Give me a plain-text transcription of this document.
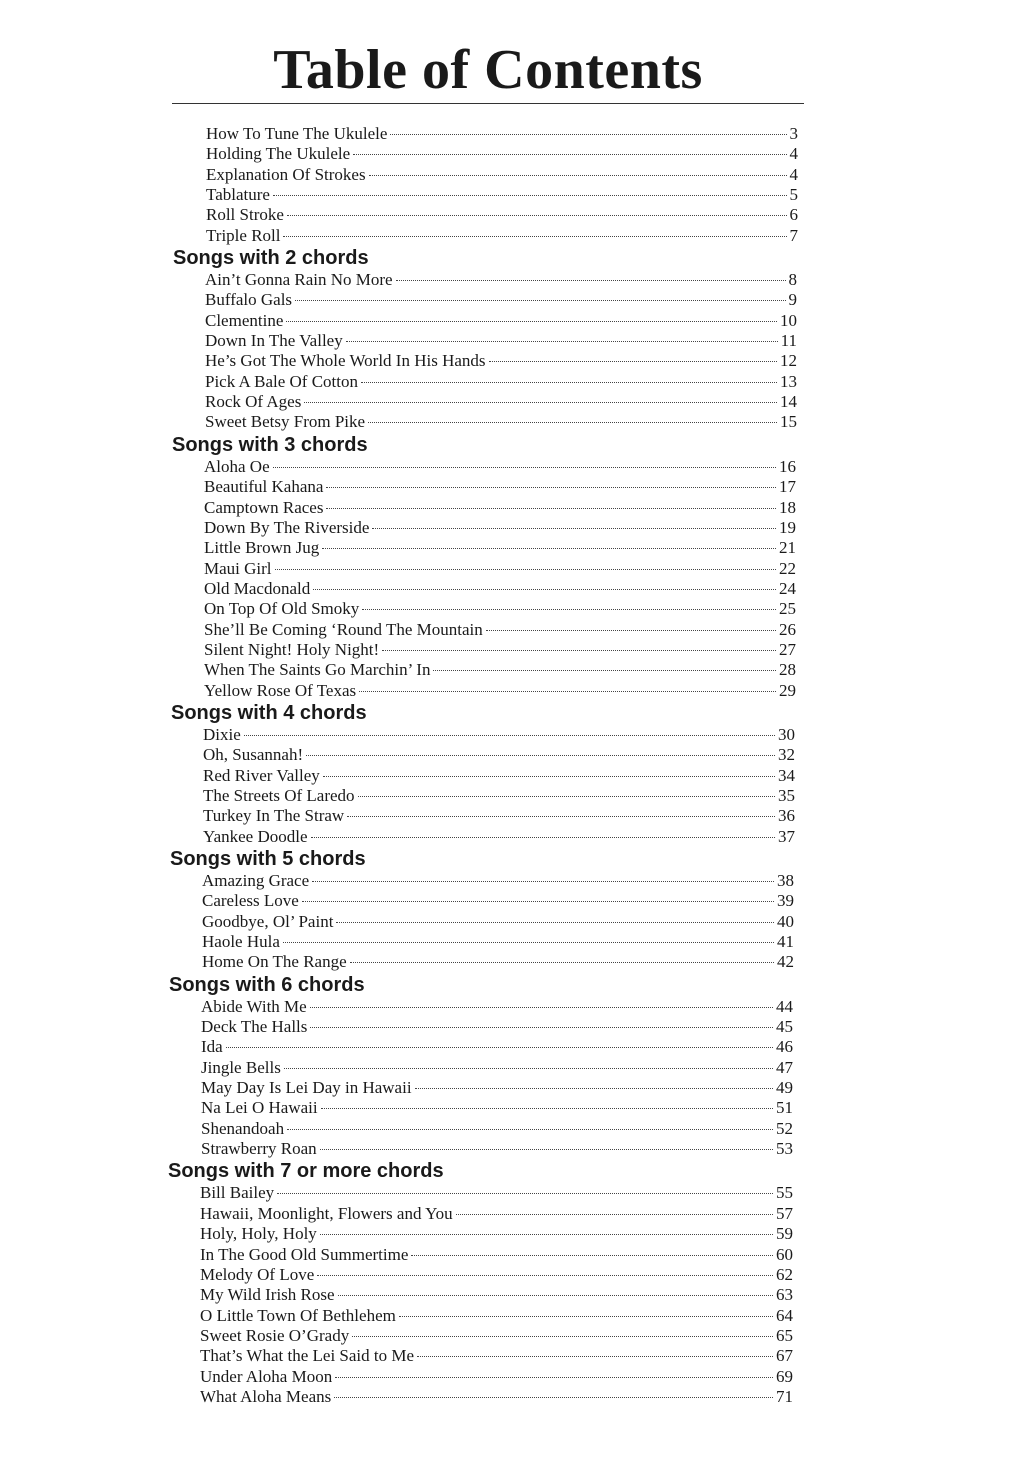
Table of Contents
How To Tune The Ukulele	3
Holding The Ukulele	4
Explanation Of Strokes	4
Tablature	5
Roll Stroke	6
Triple Roll	7
Songs with 2 chords
Ain’t Gonna Rain No More	8
Buffalo Gals	9
Clementine	10
Down In The Valley	11
He’s Got The Whole World In His Hands	12
Pick A Bale Of Cotton	13
Rock Of Ages	14
Sweet Betsy From Pike	15
Songs with 3 chords
Aloha Oe	16
Beautiful Kahana	17
Camptown Races	18
Down By The Riverside	19
Little Brown Jug	21
Maui Girl	22
Old Macdonald	24
On Top Of Old Smoky	25
She’ll Be Coming ‘Round The Mountain	26
Silent Night! Holy Night!	27
When The Saints Go Marchin’ In	28
Yellow Rose Of Texas	29
Songs with 4 chords
Dixie	30
Oh, Susannah!	32
Red River Valley	34
The Streets Of Laredo	35
Turkey In The Straw	36
Yankee Doodle	37
Songs with 5 chords
Amazing Grace	38
Careless Love	39
Goodbye, Ol’ Paint	40
Haole Hula	41
Home On The Range	42
Songs with 6 chords
Abide With Me	44
Deck The Halls	45
Ida	46
Jingle Bells	47
May Day Is Lei Day in Hawaii	49
Na Lei O Hawaii	51
Shenandoah	52
Strawberry Roan	53
Songs with 7 or more chords
Bill Bailey	55
Hawaii, Moonlight, Flowers and You	57
Holy, Holy, Holy	59
In The Good Old Summertime	60
Melody Of Love	62
My Wild Irish Rose	63
O Little Town Of Bethlehem	64
Sweet Rosie O’Grady	65
That’s What the Lei Said to Me	67
Under Aloha Moon	69
What Aloha Means	71
